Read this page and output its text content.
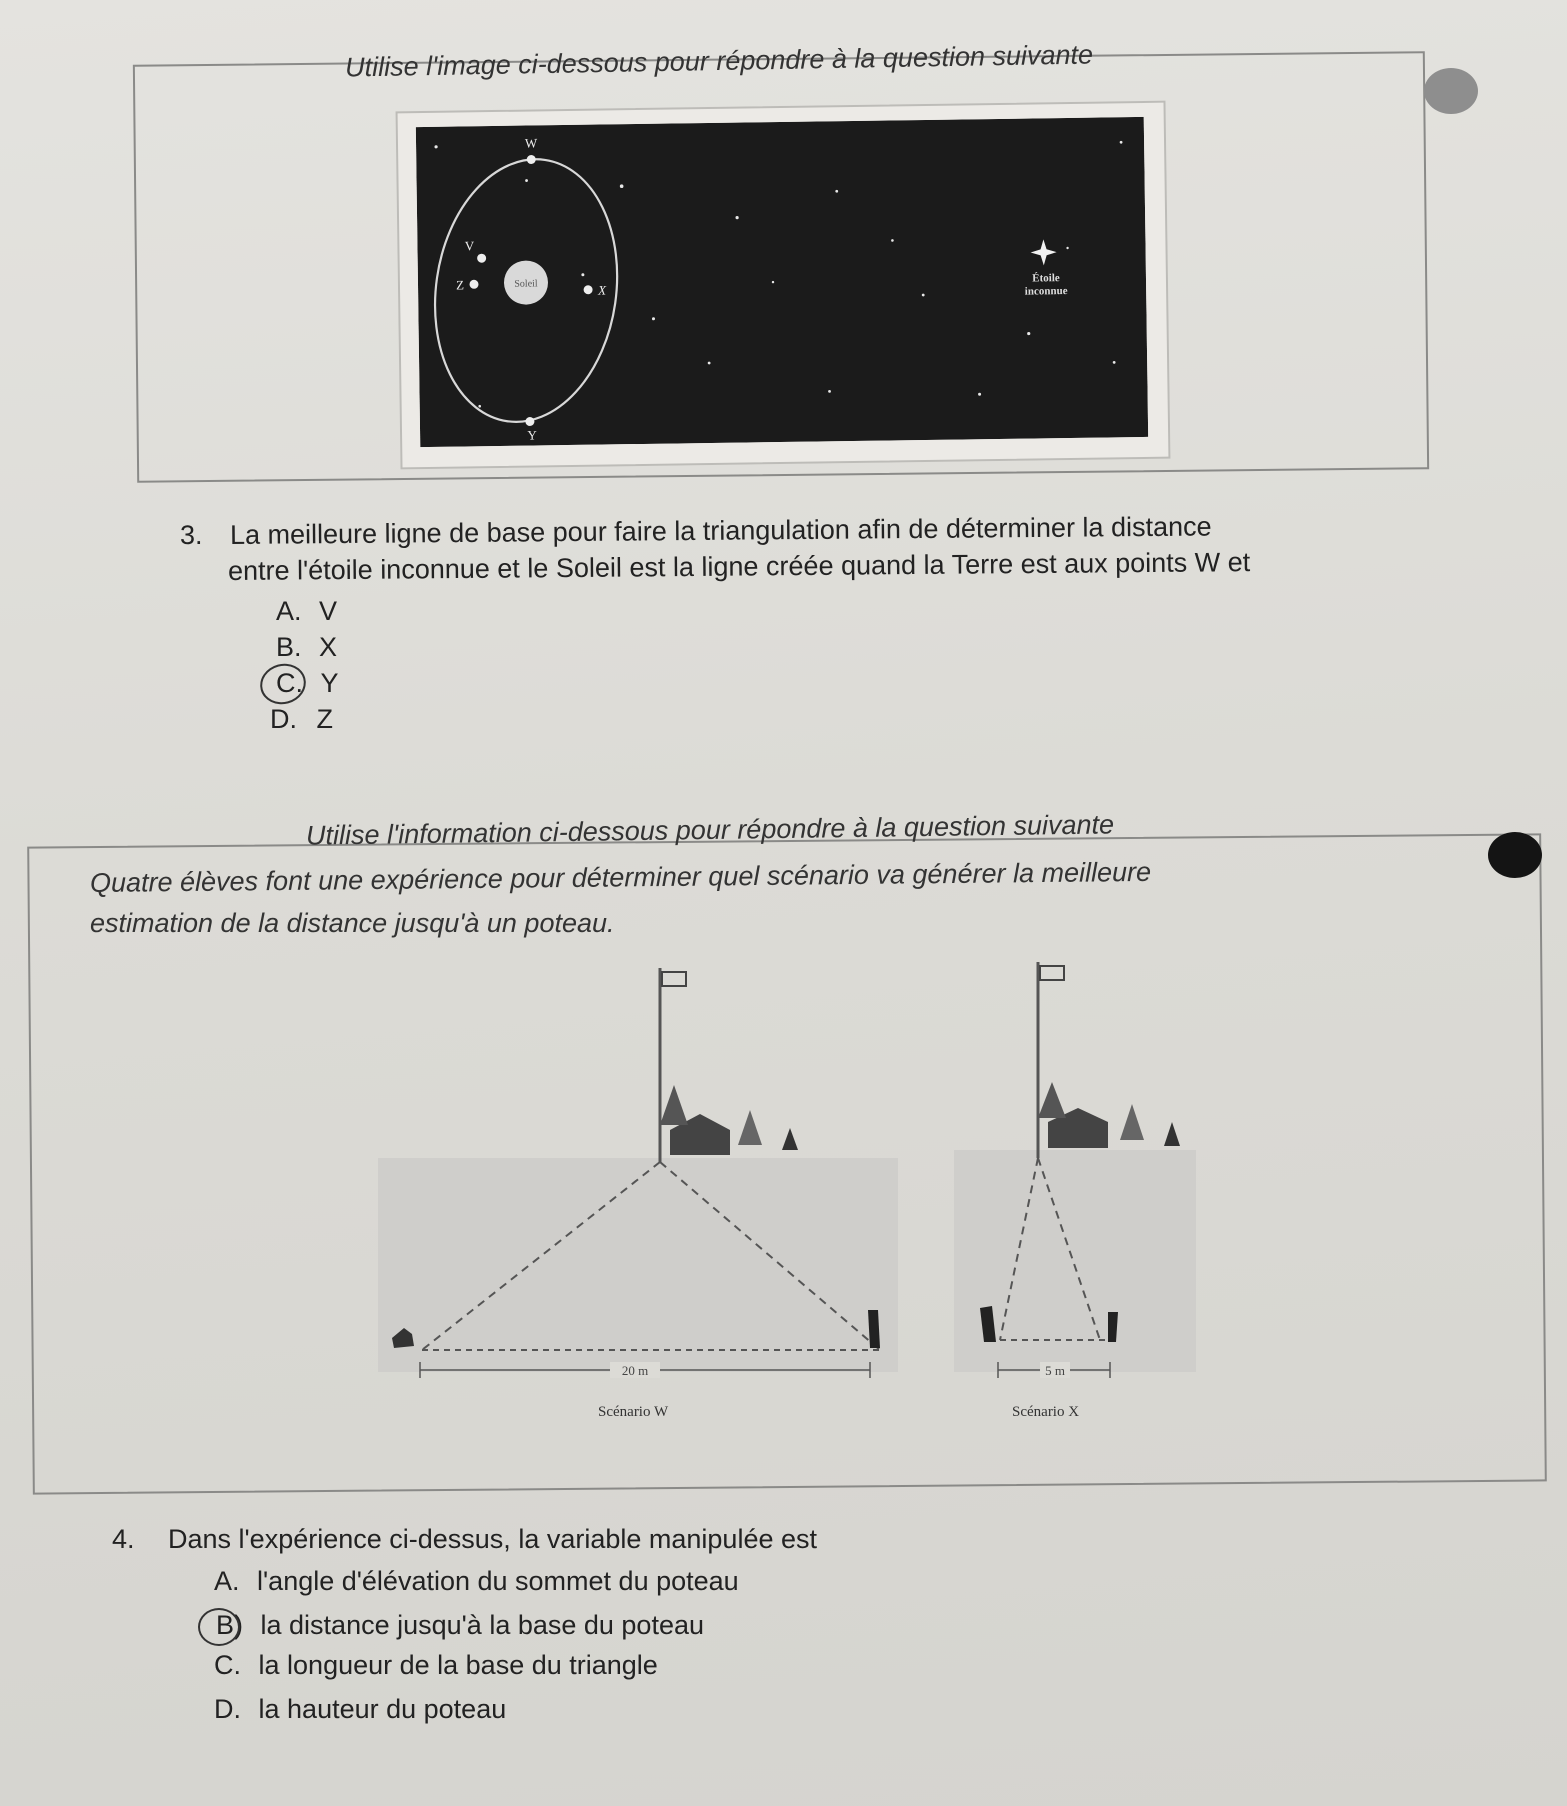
Utilise l'image ci-dessous pour répondre à la question suivante
Soleil
W
V
Z	X
Y
Étoile
inconnue
3. La meilleure ligne de base pour faire la triangulation afin de déterminer la distance
entre l'étoile inconnue et le Soleil est la ligne créée quand la Terre est aux points W et
A. V
B. X
C. Y
D. Z
Utilise l'information ci-dessous pour répondre à la question suivante
Quatre élèves font une expérience pour déterminer quel scénario va générer la meilleure
estimation de la distance jusqu'à un poteau.
20 m
Scénario W
5 m
Scénario X
4. Dans l'expérience ci-dessus, la variable manipulée est
A. l'angle d'élévation du sommet du poteau
B) la distance jusqu'à la base du poteau
C. la longueur de la base du triangle
D. la hauteur du poteau
